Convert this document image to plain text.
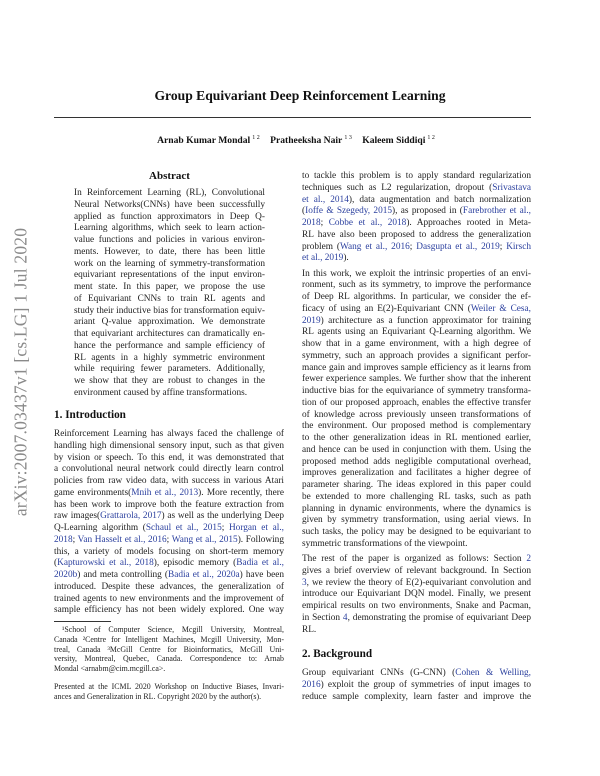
arXiv:2007.03437v1 [cs.LG] 1 Jul 2020
Group Equivariant Deep Reinforcement Learning
Arnab Kumar Mondal $^{1 2}$ Pratheeksha Nair $^{1 3}$ Kaleem Siddiqi $^{1 2}$
Abstract
In Reinforcement Learning (RL), Convolutional
Neural Networks(CNNs) have been successfully
applied as function approximators in Deep Q-
Learning algorithms, which seek to learn action-
value functions and policies in various environ-
ments. However, to date, there has been little
work on the learning of symmetry-transformation
equivariant representations of the input environ-
ment state. In this paper, we propose the use
of Equivariant CNNs to train RL agents and
study their inductive bias for transformation equiv-
ariant Q-value approximation. We demonstrate
that equivariant architectures can dramatically en-
hance the performance and sample efficiency of
RL agents in a highly symmetric environment
while requiring fewer parameters. Additionally,
we show that they are robust to changes in the
environment caused by affine transformations.
1. Introduction
Reinforcement Learning has always faced the challenge of
handling high dimensional sensory input, such as that given
by vision or speech. To this end, it was demonstrated that
a convolutional neural network could directly learn control
policies from raw video data, with success in various Atari
game environments(Mnih et al., 2013). More recently, there
has been work to improve both the feature extraction from
raw images(Grattarola, 2017) as well as the underlying Deep
Q-Learning algorithm (Schaul et al., 2015; Horgan et al.,
2018; Van Hasselt et al., 2016; Wang et al., 2015). Following
this, a variety of models focusing on short-term memory
(Kapturowski et al., 2018), episodic memory (Badia et al.,
2020b) and meta controlling (Badia et al., 2020a) have been
introduced. Despite these advances, the generalization of
trained agents to new environments and the improvement of
sample efficiency has not been widely explored. One way
¹School of Computer Science, Mcgill University, Montreal,
Canada ²Centre for Intelligent Machines, Mcgill University, Mon-
treal, Canada ³McGill Centre for Bioinformatics, McGill Uni-
versity, Montreal, Quebec, Canada. Correspondence to: Arnab
Mondal <arnabm@cim.mcgill.ca>.
Presented at the ICML 2020 Workshop on Inductive Biases, Invari-
ances and Generalization in RL. Copyright 2020 by the author(s).
to tackle this problem is to apply standard regularization
techniques such as L2 regularization, dropout (Srivastava
et al., 2014), data augmentation and batch normalization
(Ioffe & Szegedy, 2015), as proposed in (Farebrother et al.,
2018; Cobbe et al., 2018). Approaches rooted in Meta-
RL have also been proposed to address the generalization
problem (Wang et al., 2016; Dasgupta et al., 2019; Kirsch
et al., 2019).
In this work, we exploit the intrinsic properties of an envi-
ronment, such as its symmetry, to improve the performance
of Deep RL algorithms. In particular, we consider the ef-
ficacy of using an E(2)-Equivariant CNN (Weiler & Cesa,
2019) architecture as a function approximator for training
RL agents using an Equivariant Q-Learning algorithm. We
show that in a game environment, with a high degree of
symmetry, such an approach provides a significant perfor-
mance gain and improves sample efficiency as it learns from
fewer experience samples. We further show that the inherent
inductive bias for the equivariance of symmetry transforma-
tion of our proposed approach, enables the effective transfer
of knowledge across previously unseen transformations of
the environment. Our proposed method is complementary
to the other generalization ideas in RL mentioned earlier,
and hence can be used in conjunction with them. Using the
proposed method adds negligible computational overhead,
improves generalization and facilitates a higher degree of
parameter sharing. The ideas explored in this paper could
be extended to more challenging RL tasks, such as path
planning in dynamic environments, where the dynamics is
given by symmetry transformation, using aerial views. In
such tasks, the policy may be designed to be equivariant to
symmetric transformations of the viewpoint.
The rest of the paper is organized as follows: Section 2
gives a brief overview of relevant background. In Section
3, we review the theory of E(2)-equivariant convolution and
introduce our Equivariant DQN model. Finally, we present
empirical results on two environments, Snake and Pacman,
in Section 4, demonstrating the promise of equivariant Deep
RL.
2. Background
Group equivariant CNNs (G-CNN) (Cohen & Welling,
2016) exploit the group of symmetries of input images to
reduce sample complexity, learn faster and improve the
